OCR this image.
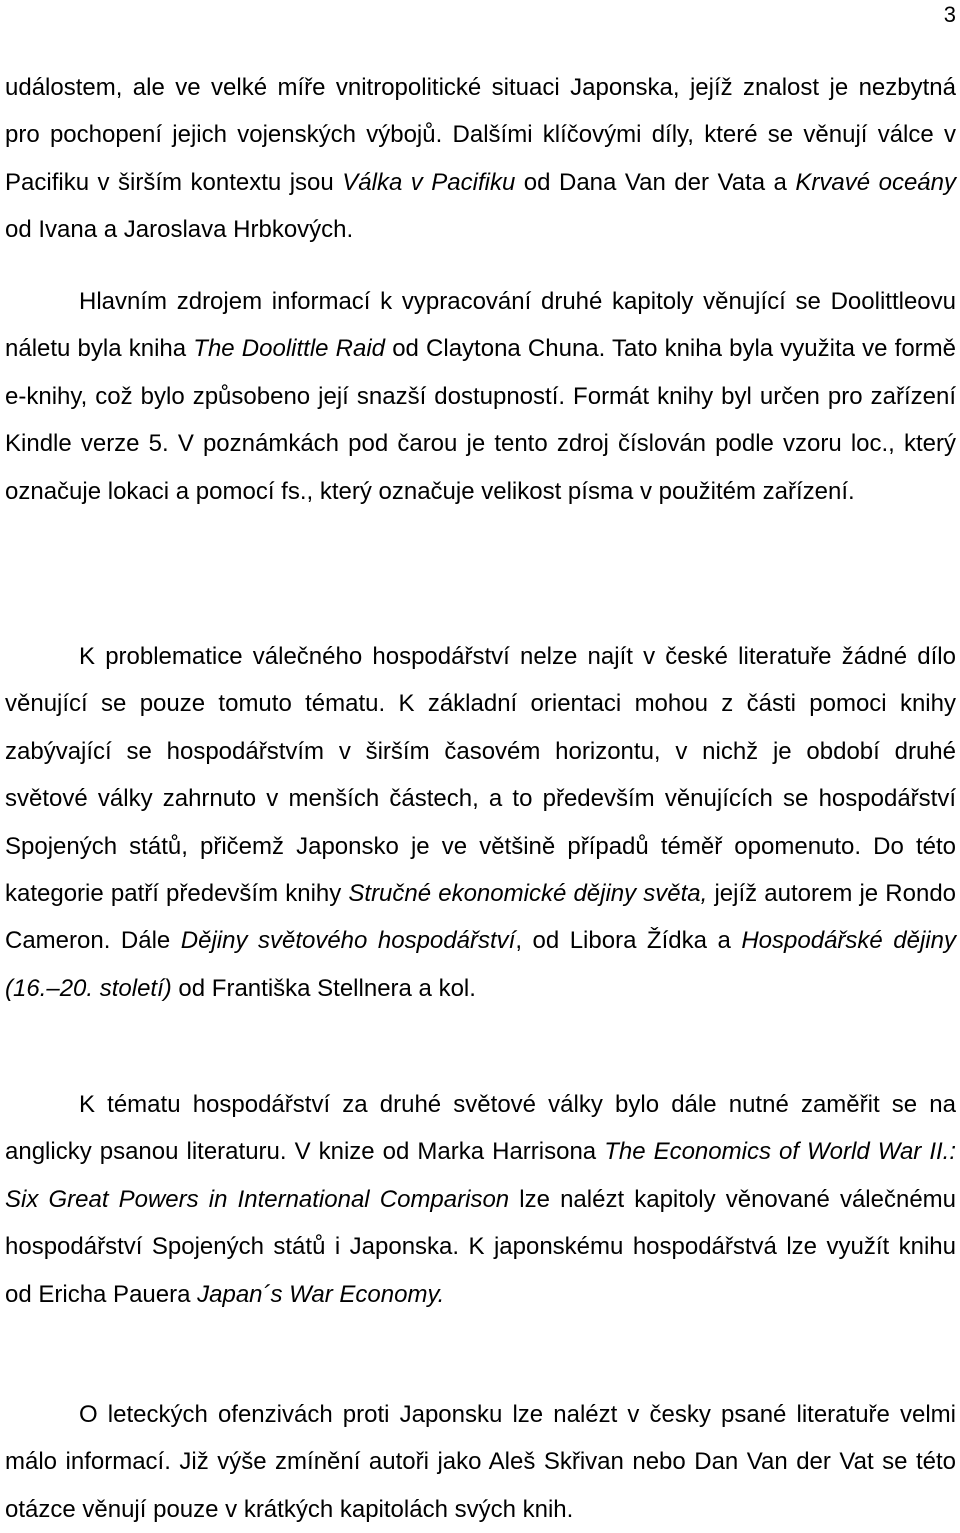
3

událostem, ale ve velké míře vnitropolitické situaci Japonska, jejíž znalost je nezbytná pro pochopení jejich vojenských výbojů. Dalšími klíčovými díly, které se věnují válce v Pacifiku v širším kontextu jsou Válka v Pacifiku od Dana Van der Vata a Krvavé oceány od Ivana a Jaroslava Hrbkových.

Hlavním zdrojem informací k vypracování druhé kapitoly věnující se Doolittleovu náletu byla kniha The Doolittle Raid od Claytona Chuna. Tato kniha byla využita ve formě e-knihy, což bylo způsobeno její snazší dostupností. Formát knihy byl určen pro zařízení Kindle verze 5. V poznámkách pod čarou je tento zdroj číslován podle vzoru loc., který označuje lokaci a pomocí fs., který označuje velikost písma v použitém zařízení.

K problematice válečného hospodářství nelze najít v české literatuře žádné dílo věnující se pouze tomuto tématu. K základní orientaci mohou z části pomoci knihy zabývající se hospodářstvím v širším časovém horizontu, v nichž je období druhé světové války zahrnuto v menších částech, a to především věnujících se hospodářství Spojených států, přičemž Japonsko je ve většině případů téměř opomenuto. Do této kategorie patří především knihy Stručné ekonomické dějiny světa, jejíž autorem je Rondo Cameron. Dále Dějiny světového hospodářství, od Libora Žídka a Hospodářské dějiny (16.–20. století) od Františka Stellnera a kol.

K tématu hospodářství za druhé světové války bylo dále nutné zaměřit se na anglicky psanou literaturu. V knize od Marka Harrisona The Economics of World War II.: Six Great Powers in International Comparison lze nalézt kapitoly věnované válečnému hospodářství Spojených států i Japonska. K japonskému hospodářstvá lze využít knihu od Ericha Pauera Japan´s War Economy.

O leteckých ofenzivách proti Japonsku lze nalézt v česky psané literatuře velmi málo informací. Již výše zmínění autoři jako Aleš Skřivan nebo Dan Van der Vat se této otázce věnují pouze v krátkých kapitolách svých knih.
